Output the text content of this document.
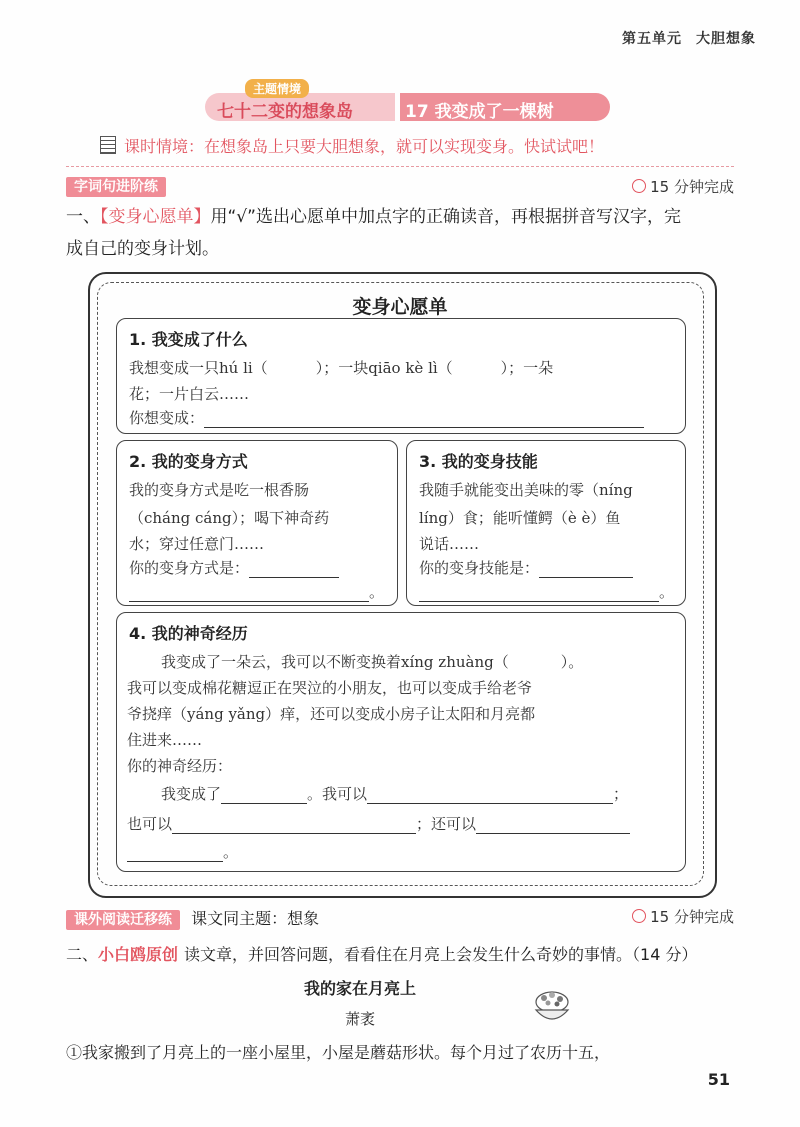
第五单元 大胆想象
主题情境
七十二变的想象岛	17 我变成了一棵树
课时情境：在想象岛上只要大胆想象，就可以实现变身。快试试吧！
字词句进阶练	15 分钟完成
一、【变身心愿单】用“√”选出心愿单中加点字的正确读音，再根据拼音写汉字，完
成自己的变身计划。
变身心愿单
1. 我变成了什么
我想变成一只hú li（	）；一块qiāo kè lì（	）；一朵
花；一片白云……
你想变成：
2. 我的变身方式
我的变身方式是吃一根香肠
（cháng cáng）；喝下神奇药
水；穿过任意门……
你的变身方式是：
。
3. 我的变身技能
我随手就能变出美味的零（níng
líng）食；能听懂鳄（è è）鱼
说话……
你的变身技能是：
。
4. 我的神奇经历
我变成了一朵云，我可以不断变换着xíng zhuàng（	）。
我可以变成棉花糖逗正在哭泣的小朋友，也可以变成手给老爷
爷挠痒（yáng yǎng）痒，还可以变成小房子让太阳和月亮都
住进来……
你的神奇经历：
我变成了	。我可以	；
也可以	；还可以
。
课外阅读迁移练 课文同主题：想象	15 分钟完成
二、小白鸥原创 读文章，并回答问题，看看住在月亮上会发生什么奇妙的事情。（14 分）
我的家在月亮上
萧袤
①我家搬到了月亮上的一座小屋里，小屋是蘑菇形状。每个月过了农历十五，
51
